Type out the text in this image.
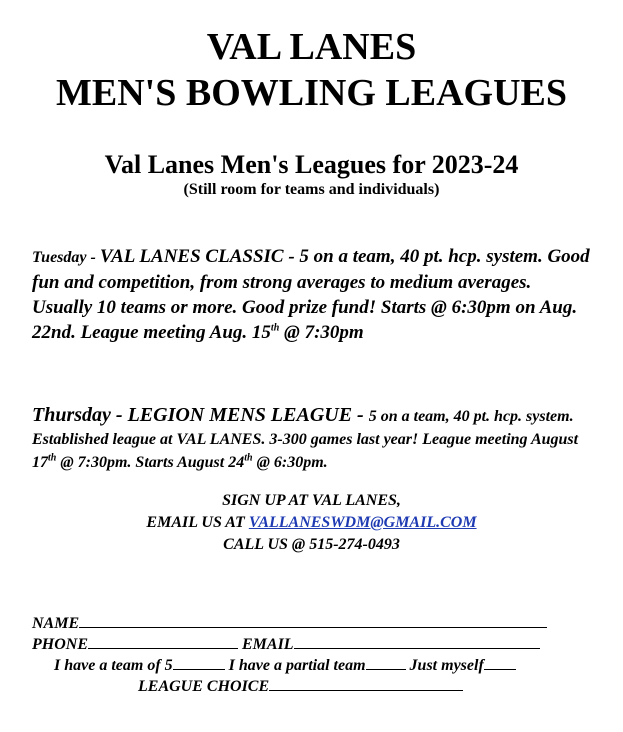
VAL LANES
MEN'S BOWLING LEAGUES
Val Lanes Men's Leagues for 2023-24
(Still room for teams and individuals)
Tuesday - VAL LANES CLASSIC - 5 on a team, 40 pt. hcp. system. Good fun and competition, from strong averages to medium averages. Usually 10 teams or more. Good prize fund! Starts @ 6:30pm on Aug. 22nd. League meeting Aug. 15th @ 7:30pm
Thursday - LEGION MENS LEAGUE - 5 on a team, 40 pt. hcp. system. Established league at VAL LANES. 3-300 games last year! League meeting August 17th @ 7:30pm. Starts August 24th @ 6:30pm.
SIGN UP AT VAL LANES,
EMAIL US AT VALLANESWDM@GMAIL.COM
CALL US @ 515-274-0493
NAME
PHONE	EMAIL
I have a team of 5	I have a partial team	Just myself
LEAGUE CHOICE
